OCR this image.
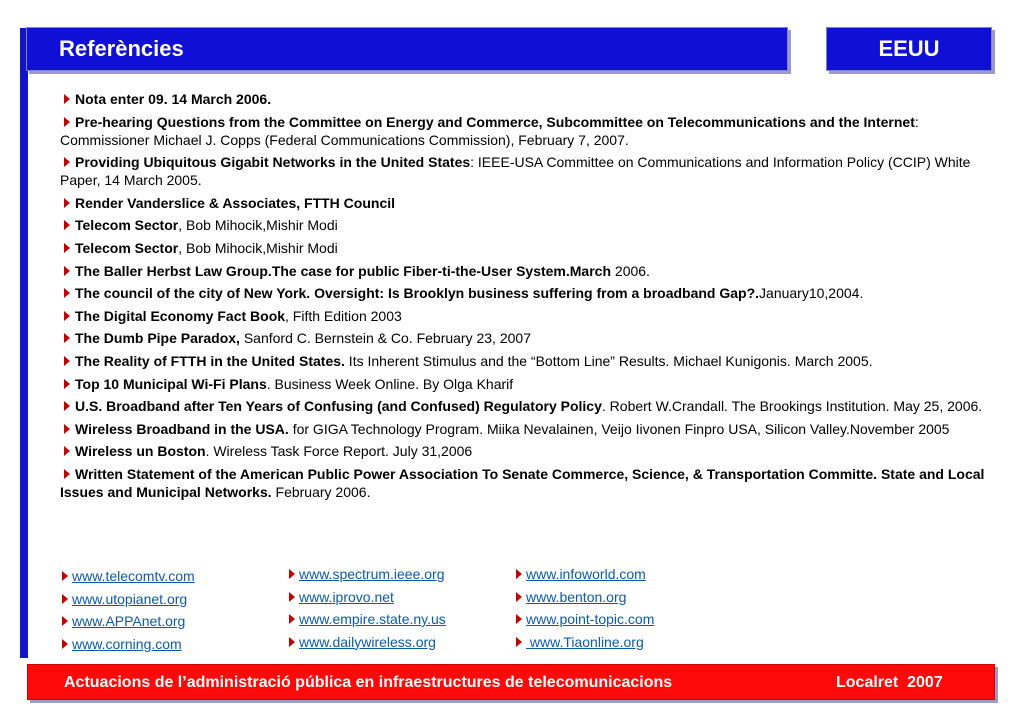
Referències	EEUU
Nota enter 09. 14 March 2006.
Pre-hearing Questions from the Committee on Energy and Commerce, Subcommittee on Telecommunications and the Internet: Commissioner Michael J. Copps (Federal Communications Commission), February 7, 2007.
Providing Ubiquitous Gigabit Networks in the United States: IEEE-USA Committee on Communications and Information Policy (CCIP) White Paper, 14 March 2005.
Render Vanderslice & Associates, FTTH Council
Telecom Sector, Bob Mihocik,Mishir Modi
Telecom Sector, Bob Mihocik,Mishir Modi
The Baller Herbst Law Group.The case for public Fiber-ti-the-User System.March 2006.
The council of the city of New York. Oversight: Is Brooklyn business suffering from a broadband Gap?.January10,2004.
The Digital Economy Fact Book, Fifth Edition 2003
The Dumb Pipe Paradox, Sanford C. Bernstein & Co. February 23, 2007
The Reality of FTTH in the United States. Its Inherent Stimulus and the “Bottom Line” Results. Michael Kunigonis. March 2005.
Top 10 Municipal Wi-Fi Plans. Business Week Online. By Olga Kharif
U.S. Broadband after Ten Years of Confusing (and Confused) Regulatory Policy. Robert W.Crandall. The Brookings Institution. May 25, 2006.
Wireless Broadband in the USA. for GIGA Technology Program. Miika Nevalainen, Veijo Iivonen Finpro USA, Silicon Valley.November 2005
Wireless un Boston. Wireless Task Force Report. July 31,2006
Written Statement of the American Public Power Association To Senate Commerce, Science, & Transportation Committe. State and Local Issues and Municipal Networks. February 2006.
www.telecomtv.com
www.utopianet.org
www.APPAnet.org
www.corning.com
www.spectrum.ieee.org
www.iprovo.net
www.empire.state.ny.us
www.dailywireless.org
www.infoworld.com
www.benton.org
www.point-topic.com
www.Tiaonline.org
Actuacions de l’administració pública en infraestructures de telecomunicacions	Localret  2007
